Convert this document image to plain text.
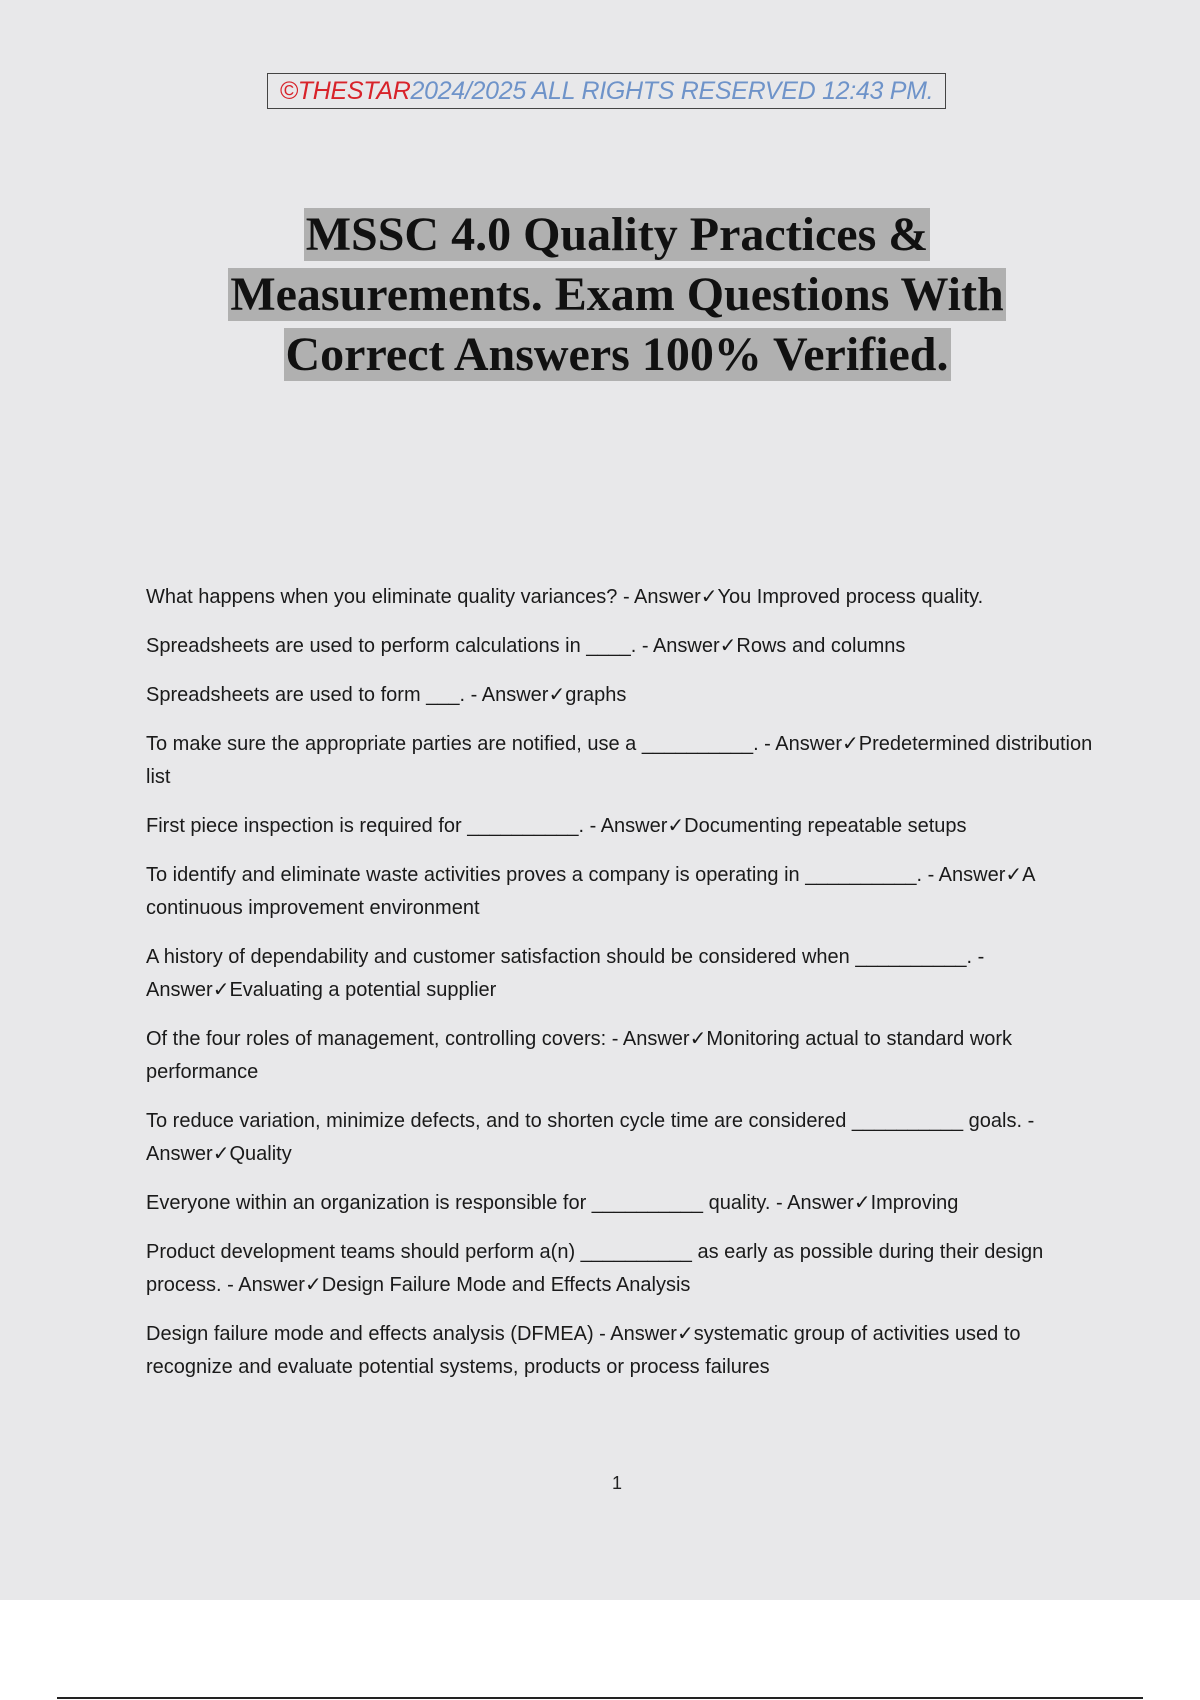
©THESTAR 2024/2025 ALL RIGHTS RESERVED 12:43 PM.
MSSC 4.0 Quality Practices &
Measurements. Exam Questions With
Correct Answers 100% Verified.

What happens when you eliminate quality variances? - Answer✓You Improved process quality.

Spreadsheets are used to perform calculations in ____. - Answer✓Rows and columns

Spreadsheets are used to form ___. - Answer✓graphs

To make sure the appropriate parties are notified, use a __________. - Answer✓Predetermined distribution list

First piece inspection is required for __________. - Answer✓Documenting repeatable setups

To identify and eliminate waste activities proves a company is operating in __________. - Answer✓A continuous improvement environment

A history of dependability and customer satisfaction should be considered when __________. - Answer✓Evaluating a potential supplier

Of the four roles of management, controlling covers: - Answer✓Monitoring actual to standard work performance

To reduce variation, minimize defects, and to shorten cycle time are considered __________ goals. - Answer✓Quality

Everyone within an organization is responsible for __________ quality. - Answer✓Improving

Product development teams should perform a(n) __________ as early as possible during their design process. - Answer✓Design Failure Mode and Effects Analysis

Design failure mode and effects analysis (DFMEA) - Answer✓systematic group of activities used to recognize and evaluate potential systems, products or process failures

1
